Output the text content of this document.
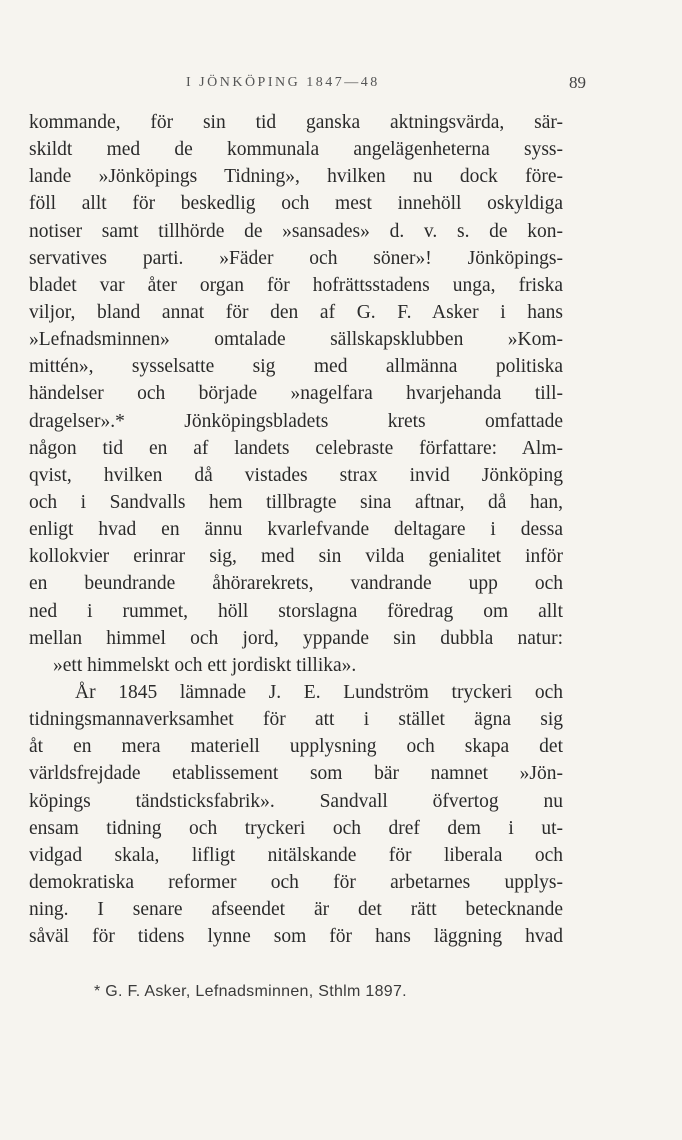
I JÖNKÖPING 1847—48	89
kommande, för sin tid ganska aktningsvärda, sär-
skildt med de kommunala angelägenheterna syss-
lande »Jönköpings Tidning», hvilken nu dock före-
föll allt för beskedlig och mest innehöll oskyldiga
notiser samt tillhörde de »sansades» d. v. s. de kon-
servatives parti. »Fäder och söner»! Jönköpings-
bladet var åter organ för hofrättsstadens unga, friska
viljor, bland annat för den af G. F. Asker i hans
»Lefnadsminnen» omtalade sällskapsklubben »Kom-
mittén», sysselsatte sig med allmänna politiska
händelser och började »nagelfara hvarjehanda till-
dragelser».* Jönköpingsbladets krets omfattade
någon tid en af landets celebraste författare: Alm-
qvist, hvilken då vistades strax invid Jönköping
och i Sandvalls hem tillbragte sina aftnar, då han,
enligt hvad en ännu kvarlefvande deltagare i dessa
kollokvier erinrar sig, med sin vilda genialitet inför
en beundrande åhörarekrets, vandrande upp och
ned i rummet, höll storslagna föredrag om allt
mellan himmel och jord, yppande sin dubbla natur:
»ett himmelskt och ett jordiskt tillika».
År 1845 lämnade J. E. Lundström tryckeri och
tidningsmannaverksamhet för att i stället ägna sig
åt en mera materiell upplysning och skapa det
världsfrejdade etablissement som bär namnet »Jön-
köpings tändsticksfabrik». Sandvall öfvertog nu
ensam tidning och tryckeri och dref dem i ut-
vidgad skala, lifligt nitälskande för liberala och
demokratiska reformer och för arbetarnes upplys-
ning. I senare afseendet är det rätt betecknande
såväl för tidens lynne som för hans läggning hvad
* G. F. Asker, Lefnadsminnen, Sthlm 1897.
